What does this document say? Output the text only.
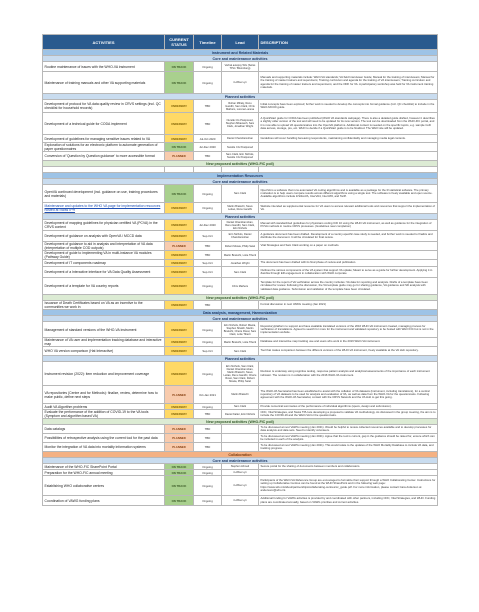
ACTIVITIES	CURRENT STATUS	Timeline	Lead	DESCRIPTION
Instrument and Related Materials				
Core and maintenance activities				
Routine maintenance of issues with the WHO-VA instrument	ON TRACK	Ongoing	Verbal autopsy WG (Swiss TPH / Bloomberg)	
Maintenance of training manuals and other VA supporting materials	ON TRACK	Ongoing	in-Wise Lyn	Manuals and supporting materials include: WHO-VA standards; VA field Interviewer Guide; Manual for the training of interviewers; Manual for the training of master trainers and supervisors; Training curriculum and agenda for the training of VA interviewers; Training curriculum and agenda for the training of master trainers and supervisors; and the ODK for VA. A participatory workshop was held for VA instrument training materials.
Planned activities				
Development of protocol for VA data quality review in CRVS settings (incl. QC checklist for household records)	UNDERWAY	TBD	Rohan Mihaly, Renu Gandhi, Sam Clark, Chris Mathers, Lorena Lucena	Initial concepts have been explored; further work is needed to develop the concepts into formal guidance (incl. QC checklist) to include in the WHO-MCCD guide.
Development of a technical guide for CODA implement	UNDERWAY	TBD	Nurelle CG Postponed, Stephen Mbaowoh, Sam Clark, Jonathan Wright	A QuickStart guide for CODA has been published (WHO VA standards webpage). There is also a detailed guide drafted, however it describes a slightly older version of the tool and will need to be updated for its new version. The tool can be downloaded from the WHO-FIC portal, and it is now able to upload VA questionnaires into the OpenVA platforms. Additional content is needed on the specific topics, e.g. sample CoD data access, storage, pre, etc. WHO to decide if a QuickStart guide is to be finalized. The WHO site will be updated.
Development of guidelines for managing sensitive issues related to VA	UNDERWAY	Jul-Oct 2020	Daniel Chandramohan	Guidelines will cover handling bereaving respondents, maintaining confidentiality and managing media legal contexts.
Exploration of solutions for an electronic platform to automate generation of paper questionnaires	ON TRACK	Jul-Dec 2020	Nurelle CG Postponed	
Conversion of 'Question by Question guidance' to more accessible format	PLANNED	TBD	Sam Clark, Erin Nichols, Nurelle CG Postponed	
New proposed activities (WHO-FIC poll)				

Implementation Resources				
Core and maintenance activities				
OpenVA continued development (incl. guidance on use, training procedures and materials)	ON TRACK	Ongoing	Sam Clark	OpenVA is a software that runs automated VA coding algorithms and is available as a package for the R statistical software. The primary motivation is to help users compare results across different algorithms using a single tool. The software is freely available and open source. Available algorithms include InSilicoVA, InterVA4, InterVA5, and Tariff.
Maintenance and updates to the WHO VA page for implementation resources hosted at SwissTPH	UNDERWAY	Ongoing	Martin Bratschi, Steve Leitao, Renu Gandhi	Website intended as supplemental resource for VA users to access relevant additional tools and resources that support the implementation of VA.
Planned activities				
Development of mapping guidelines for physician certified VA (PCVA) in the CRVS context	UNDERWAY	Jul-Dec 2020	Daniel Chandramohan, Renu Gandhi, Sam Clark, Erin Nichols	Manual with standardized guidelines for physicians coding ICD 10 using the WHO-VA instrument, as well as guidance for the integration of PCVA methods in routine CRVS processes. (Guidelines near completion)
Development of guidance on analysis with OpenVA / MCCD data	UNDERWAY	Sep-Oct	Erin Nichols, Daniel Chandramohan	A guidance document has been drafted. Development of a country-specific case study is needed, and further work is needed to finalize and distribute the document. It will be circulated for final review.
Development of guidance to aid in analysis and interpretation of VA data (interpretation of multiple COD outputs)	PLANNED	TBD	Robert Mswia, Philip Setel	Vital Strategies and Sam Clark working on a paper on methods.
Development of guide to implementing VA in multi-instance VA modules (Pathway Guide)	UNDERWAY	TBD	Martin Bratschi, Lotte Tiberti	
Development of IT components roadmap	UNDERWAY	Sep-Oct	Jonathan Wright	The document has been drafted with its final phase of review and publication.
Development of a Interactive interface for VA Data Quality Assessment	UNDERWAY	Sep-Oct	Sam Clark	Outlines the various components of the VA system that support VA uptake; Meant to serve as a guide for further development. Applying it in Zambia through ER engagement in collaboration with WHO corporate
Development of a template for VA country reports	UNDERWAY	Ongoing	Chris Mathers	Template for the report of VA verification across the country includes: VA data for reporting and analysis. Drafts of a template have been circulated for review. Following the discussion, the VA template guide may go for sharing guidance, VA guidance and SD analysis with validated data guidance. Submission and validation of the template have been circulated.
New proposed activities (WHO-FIC poll)				
Issuance of Death Certificates based on VA as an incentive to the communities we work in	UNDERWAY	TBD		Formal discussion in next VAWG meeting (Jan 2021)
Data analysis, management, Harmonization				
Core and maintenance activities				
Management of standard versions of the WHO-VA instrument	UNDERWAY	Ongoing	Erin Nichols, Robert Mswia, Stephen Sheikh, Martin Bratschi, Cherie Rossi, Sam Clark, Lotte Tiberti	Repository/platform to support and have available translated versions of the 2016 WHO-VA instrument created, managing process for verification of translations. Agreed to search for more for the instrument and validated repository to be hosted with WHO FIC but is not in the implementation website.
Maintenance of VA user and implementation tracking database and interactive map	UNDERWAY	Ongoing	Martin Bratschi, Lotte Tiberti	Database and interactive map tracking use and users who work in the 2016 WHO-VA instrument.
WHO VA version comparison (Hat Interactive)	UNDERWAY	Sep-Oct	Sam Clark	Tool that makes comparison between the different versions of the WHO-VA instrument, freely available at the VA Hub repository.
Planned activities				
Instrument revision (2022): item reduction and improvement coverage	UNDERWAY	Ongoing	Erin Nichols, Sam Clark, Daniel Chandramohan, Martin Bratschi, Steve Leitao, Renu Gandhi, Cherie Rossi, Sam Clark, Robert Mswia, Philip Setel	Revision is underway using cognitive testing, response pattern analysis and analytical assessments of the importance of each instrument indicator. The revision is in collaboration with the 2016 WHO-VA instrument.
VA repositories (Centre and for Methods): finalize, review, determine how to make public, define next steps	PLANNED	Oct-Jan 2021	Martin Bratschi	The WHO-VA Secretariat has been established to assist with the collation of VA datasets (instrument, including translations), for a central repository of VA datasets to be used for analysis and evaluation of VA, as well as data from the WHO-VA for the questionnaire. Following agreement with the WHO-VA Secretariat, contact with the CRVS Network and the VA Hub to get this going.
Audit VA Algorithm problems	UNDERWAY	Ongoing	Sam Clark	Provide numerical summaries of the performance of individual algorithms (specs, design and submission).
Evaluate the performance of the addition of COVID-19 to the VA tools (Symptom and algorithm based VA)	UNDERWAY	TBD	Daniel Kalter, Erin Nichols	CDC, Vital Strategies, and Swiss TPH are developing a proposal to validate VA methodology. As discussed in the group meeting, the aim is to include the COVID-19 and the WHO-VA for the questionnaire.
New proposed activities (WHO-FIC poll)				
Data catalogs	PLANNED	TBD		To be discussed at next VAWG meeting (Jan 2021). Would be helpful to review collected resources available and to develop processes for data analysis and data sets. Need to identify volunteers.
Possibilities of retrospective analysis using the current tool for the past data	PLANNED	TBD		To be discussed at next VAWG meeting (Jan 2021). Agree that the tool is current, gap in the guidance should be raised for, ensure which can be included in each of the analysis.
Monitor the integration of VA data into mortality information systems	PLANNED	TBD		To be discussed at next VAWG meeting (Jan 2021). This would relate to the updates of the WHO Mortality Database to include VA data, and tracking progress.
Collaboration				
Core and maintenance activities				
Maintenance of the WHO-FIC SharePoint Portal	ON TRACK	Ongoing	Stephen Ahmed	Secure portal for the sharing of documents between members and collaborators.
Preparation for the WHO-FIC annual meeting	ON TRACK	Ongoing	in-Wise Lyn	
Establishing WHO collaborative centres	ON TRACK	Ongoing	in-Wise Lyn	Participants of the WHO-VA Reference Group are encouraged to formalize their support through a WHO Collaborating Center. Instructions for setting up Collaborative Centres can be found at the WHO SharePoint and in the following web page: https://www.who.int/about/partnerships/collaborating-centres/cc_guide.pdf. For more information, please contact Cara Anderson at andersonc@who.int.
Coordination of VAWG funding plans	ON TRACK	Ongoing	in-Wise Lyn	Additional funding for VAWG activities is provided by and coordinated with other partners, including CDC, Vital Strategies, and WHO. Funding plans are coordinated annually, based on VAWG priorities and current activities.
